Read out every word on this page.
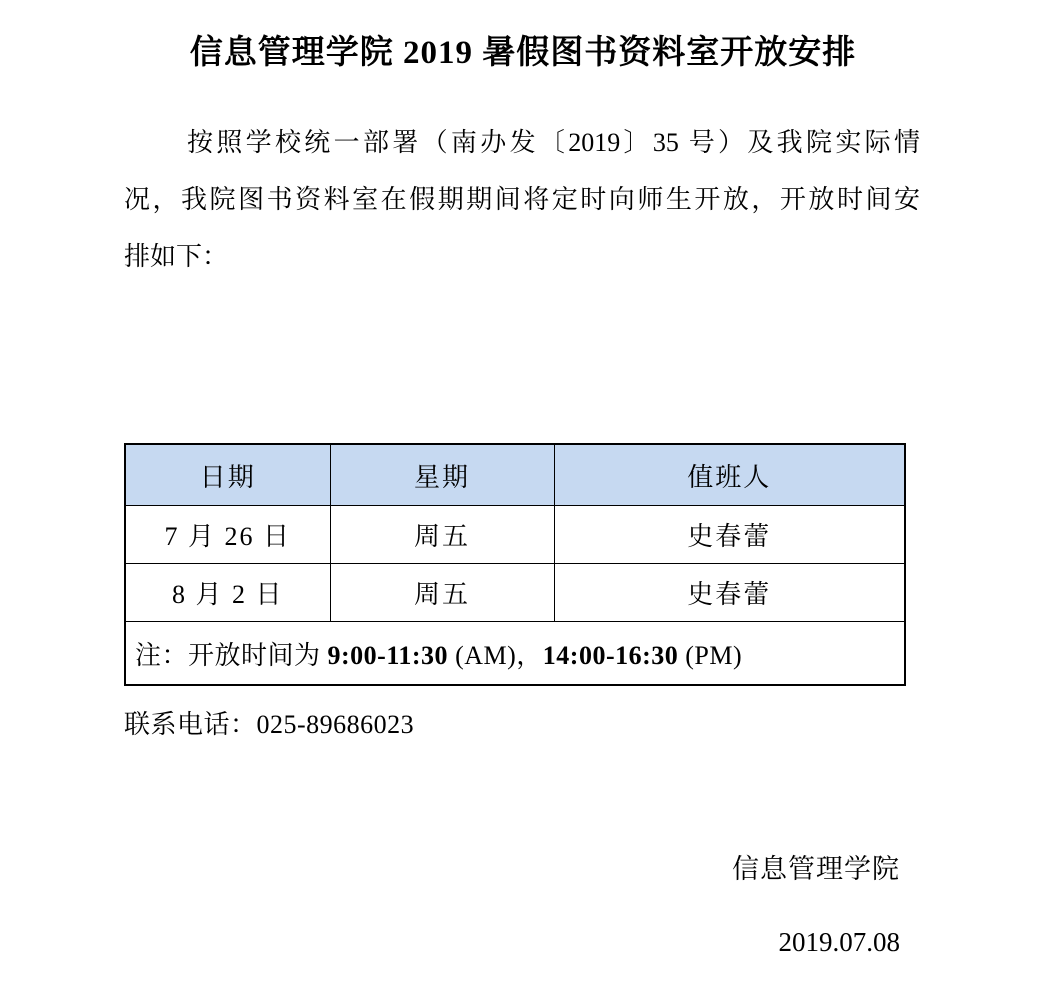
信息管理学院 2019 暑假图书资料室开放安排
按照学校统一部署（南办发〔2019〕35 号）及我院实际情
况，我院图书资料室在假期期间将定时向师生开放，开放时间安
排如下：
日期	星期	值班人
7 月 26 日	周五	史春蕾
8 月 2 日	周五	史春蕾
注：开放时间为 9:00-11:30 (AM)，14:00-16:30 (PM)		
联系电话：025-89686023
信息管理学院
2019.07.08
